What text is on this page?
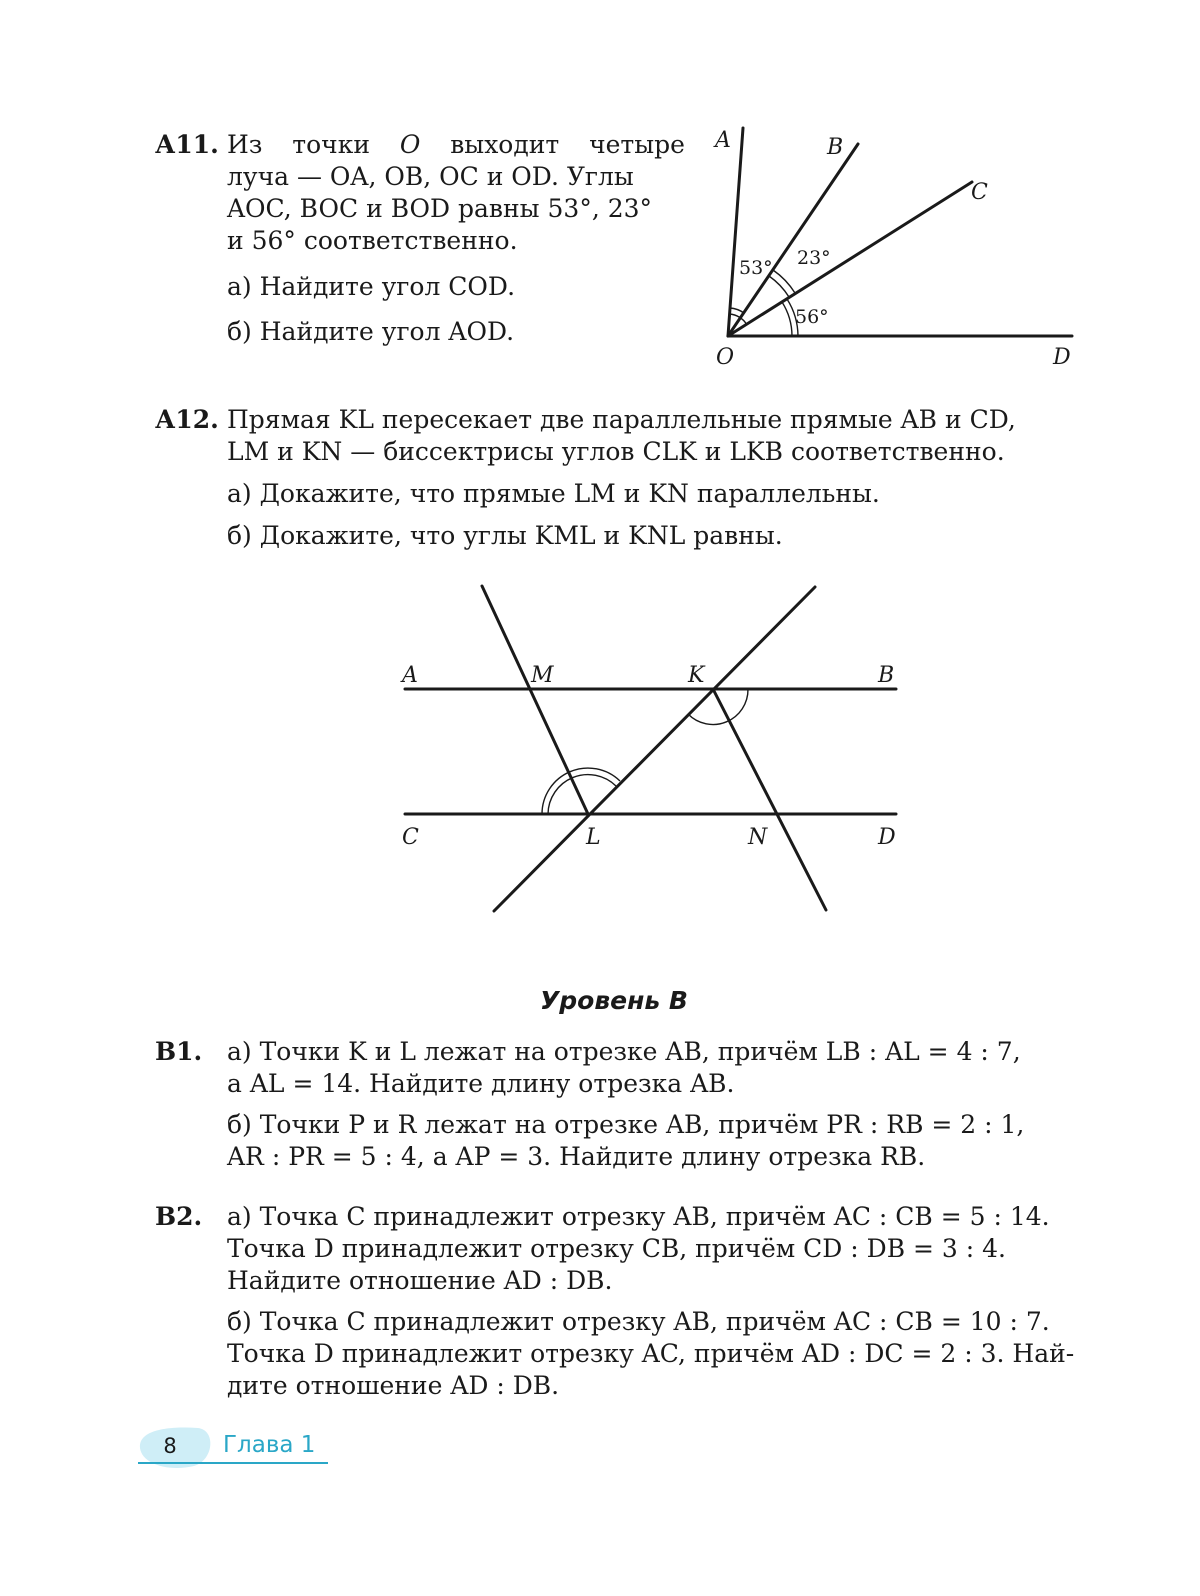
А11. Из точки O выходит четыре
луча — OA, OB, OC и OD. Углы
AOC, BOC и BOD равны 53°, 23°
и 56° соответственно.
а) Найдите угол COD.
б) Найдите угол AOD.
A	B
C
O	D
53° 23°
56°
А12. Прямая KL пересекает две параллельные прямые AB и CD,
LM и KN — биссектрисы углов CLK и LKB соответственно.
а) Докажите, что прямые LM и KN параллельны.
б) Докажите, что углы KML и KNL равны.
A	M	K	B
C	L	N	D
Уровень В
В1. а) Точки K и L лежат на отрезке AB, причём LB : AL = 4 : 7,
а AL = 14. Найдите длину отрезка AB.
б) Точки P и R лежат на отрезке AB, причём PR : RB = 2 : 1,
AR : PR = 5 : 4, а AP = 3. Найдите длину отрезка RB.
В2. а) Точка C принадлежит отрезку AB, причём AC : CB = 5 : 14.
Точка D принадлежит отрезку CB, причём CD : DB = 3 : 4.
Найдите отношение AD : DB.
б) Точка C принадлежит отрезку AB, причём AC : CB = 10 : 7.
Точка D принадлежит отрезку AC, причём AD : DC = 2 : 3. Най-
дите отношение AD : DB.
8	Глава 1
